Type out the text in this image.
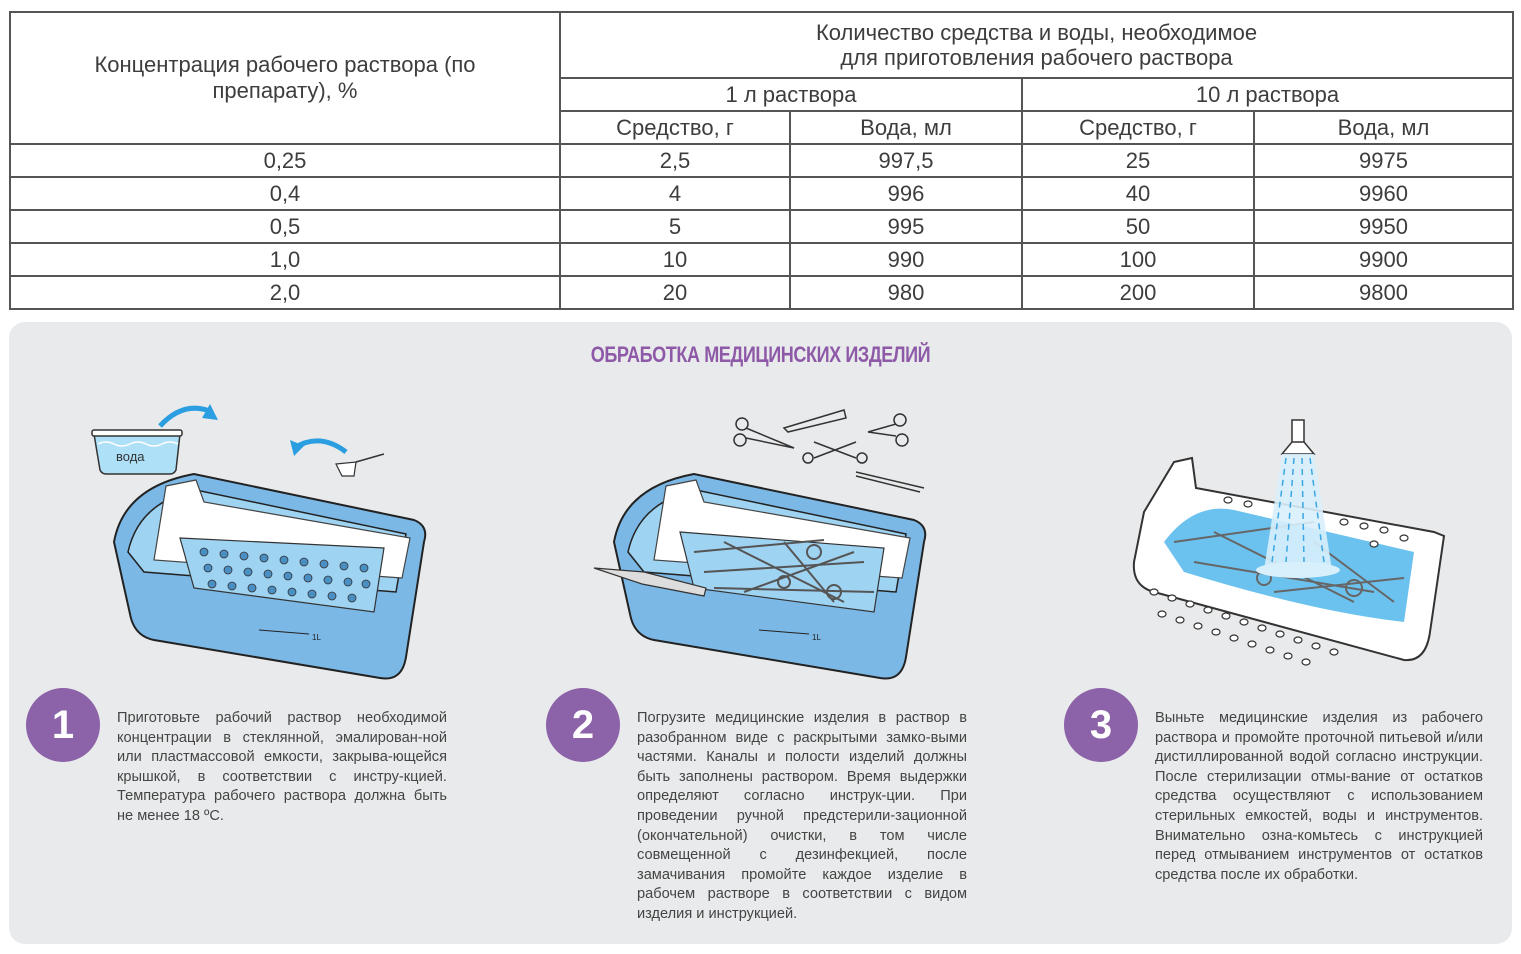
Концентрация рабочего раствора (по препарату), %	Количество средства и воды, необходимое
для приготовления рабочего раствора			

	1 л раствора		10 л раствора	
	Средство, г	Вода, мл	Средство, г	Вода, мл
0,25	2,5	997,5	25	9975
0,4	4	996	40	9960
0,5	5	995	50	9950
1,0	10	990	100	9900
2,0	20	980	200	9800
ОБРАБОТКА МЕДИЦИНСКИХ ИЗДЕЛИЙ
вода
1L	1L
1	Приготовьте рабочий раствор необходимой концентрации в стеклянной, эмалирован-ной или пластмассовой емкости, закрыва-ющейся крышкой, в соответствии с инстру-кцией. Температура рабочего раствора должна быть не менее 18 ºС.
2	Погрузите медицинские изделия в раствор в разобранном виде с раскрытыми замко-выми частями. Каналы и полости изделий должны быть заполнены раствором. Время выдержки определяют согласно инструк-ции. При проведении ручной предстерили-зационной (окончательной) очистки, в том числе совмещенной с дезинфекцией, после замачивания промойте каждое изделие в рабочем растворе в соответствии с видом изделия и инструкцией.
3	Выньте медицинские изделия из рабочего раствора и промойте проточной питьевой и/или дистиллированной водой согласно инструкции. После стерилизации отмы-вание от остатков средства осуществляют с использованием стерильных емкостей, воды и инструментов. Внимательно озна-комьтесь с инструкцией перед отмыванием инструментов от остатков средства после их обработки.
